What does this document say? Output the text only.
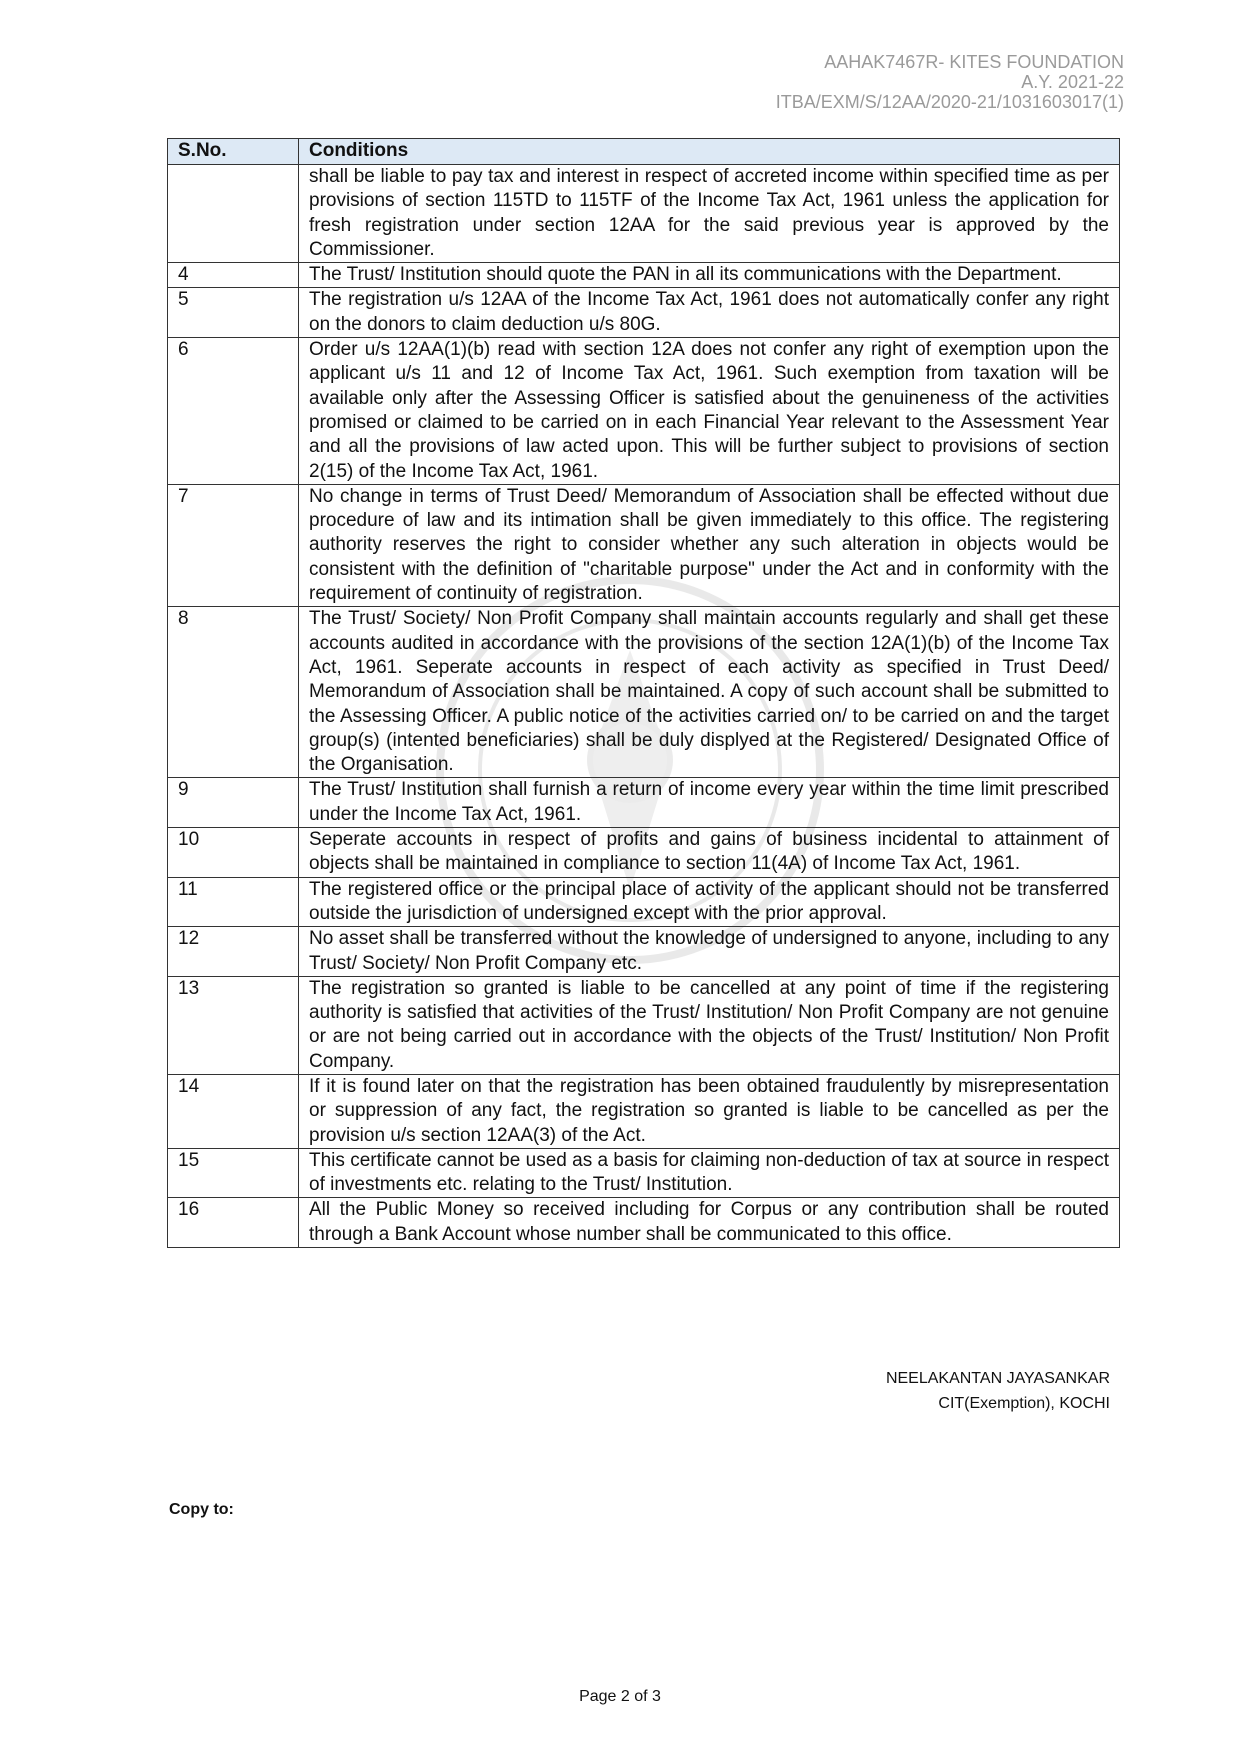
AAHAK7467R- KITES FOUNDATION
A.Y. 2021-22
ITBA/EXM/S/12AA/2020-21/1031603017(1)
S.No.	Conditions
	shall be liable to pay tax and interest in respect of accreted income within specified time as per provisions of section 115TD to 115TF of the Income Tax Act, 1961 unless the application for fresh registration under section 12AA for the said previous year is approved by the Commissioner.
4	The Trust/ Institution should quote the PAN in all its communications with the Department.
5	The registration u/s 12AA of the Income Tax Act, 1961 does not automatically confer any right on the donors to claim deduction u/s 80G.
6	Order u/s 12AA(1)(b) read with section 12A does not confer any right of exemption upon the applicant u/s 11 and 12 of Income Tax Act, 1961. Such exemption from taxation will be available only after the Assessing Officer is satisfied about the genuineness of the activities promised or claimed to be carried on in each Financial Year relevant to the Assessment Year and all the provisions of law acted upon. This will be further subject to provisions of section 2(15) of the Income Tax Act, 1961.
7	No change in terms of Trust Deed/ Memorandum of Association shall be effected without due procedure of law and its intimation shall be given immediately to this office. The registering authority reserves the right to consider whether any such alteration in objects would be consistent with the definition of "charitable purpose" under the Act and in conformity with the requirement of continuity of registration.
8	The Trust/ Society/ Non Profit Company shall maintain accounts regularly and shall get these accounts audited in accordance with the provisions of the section 12A(1)(b) of the Income Tax Act, 1961. Seperate accounts in respect of each activity as specified in Trust Deed/ Memorandum of Association shall be maintained. A copy of such account shall be submitted to the Assessing Officer. A public notice of the activities carried on/ to be carried on and the target group(s) (intented beneficiaries) shall be duly displyed at the Registered/ Designated Office of the Organisation.
9	The Trust/ Institution shall furnish a return of income every year within the time limit prescribed under the Income Tax Act, 1961.
10	Seperate accounts in respect of profits and gains of business incidental to attainment of objects shall be maintained in compliance to section 11(4A) of Income Tax Act, 1961.
11	The registered office or the principal place of activity of the applicant should not be transferred outside the jurisdiction of undersigned except with the prior approval.
12	No asset shall be transferred without the knowledge of undersigned to anyone, including to any Trust/ Society/ Non Profit Company etc.
13	The registration so granted is liable to be cancelled at any point of time if the registering authority is satisfied that activities of the Trust/ Institution/ Non Profit Company are not genuine or are not being carried out in accordance with the objects of the Trust/ Institution/ Non Profit Company.
14	If it is found later on that the registration has been obtained fraudulently by misrepresentation or suppression of any fact, the registration so granted is liable to be cancelled as per the provision u/s section 12AA(3) of the Act.
15	This certificate cannot be used as a basis for claiming non-deduction of tax at source in respect of investments etc. relating to the Trust/ Institution.
16	All the Public Money so received including for Corpus or any contribution shall be routed through a Bank Account whose number shall be communicated to this office.
NEELAKANTAN JAYASANKAR
CIT(Exemption), KOCHI
Copy to:
Page 2 of 3
